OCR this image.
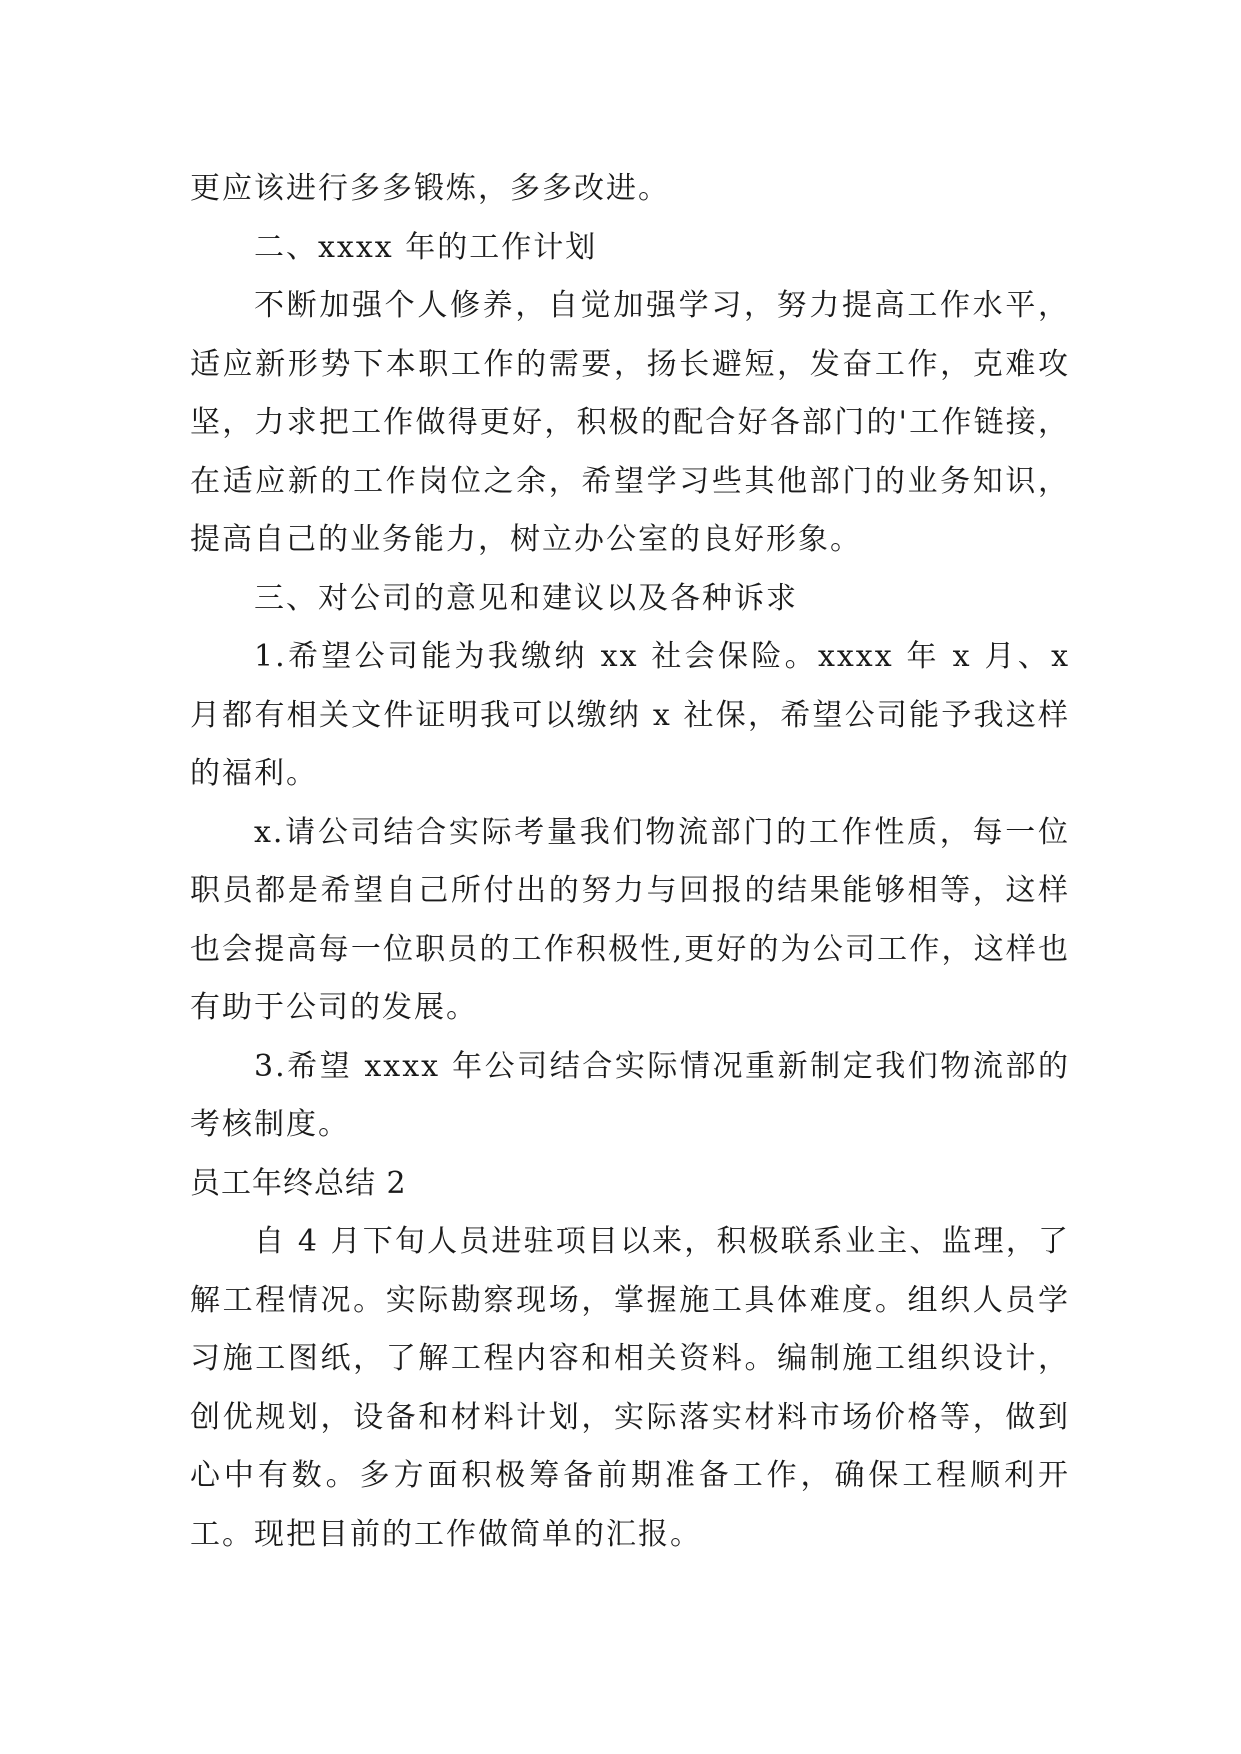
更应该进行多多锻炼，多多改进。

二、xxxx 年的工作计划

不断加强个人修养，自觉加强学习，努力提高工作水平，适应新形势下本职工作的需要，扬长避短，发奋工作，克难攻坚，力求把工作做得更好，积极的配合好各部门的'工作链接，在适应新的工作岗位之余，希望学习些其他部门的业务知识，提高自己的业务能力，树立办公室的良好形象。

三、对公司的意见和建议以及各种诉求

1.希望公司能为我缴纳 xx 社会保险。xxxx 年 x 月、x 月都有相关文件证明我可以缴纳 x 社保，希望公司能予我这样的福利。

x.请公司结合实际考量我们物流部门的工作性质，每一位职员都是希望自己所付出的努力与回报的结果能够相等，这样也会提高每一位职员的工作积极性,更好的为公司工作，这样也有助于公司的发展。

3.希望 xxxx 年公司结合实际情况重新制定我们物流部的考核制度。

员工年终总结 2

自 4 月下旬人员进驻项目以来，积极联系业主、监理，了解工程情况。实际勘察现场，掌握施工具体难度。组织人员学习施工图纸，了解工程内容和相关资料。编制施工组织设计，创优规划，设备和材料计划，实际落实材料市场价格等，做到心中有数。多方面积极筹备前期准备工作，确保工程顺利开工。现把目前的工作做简单的汇报。
